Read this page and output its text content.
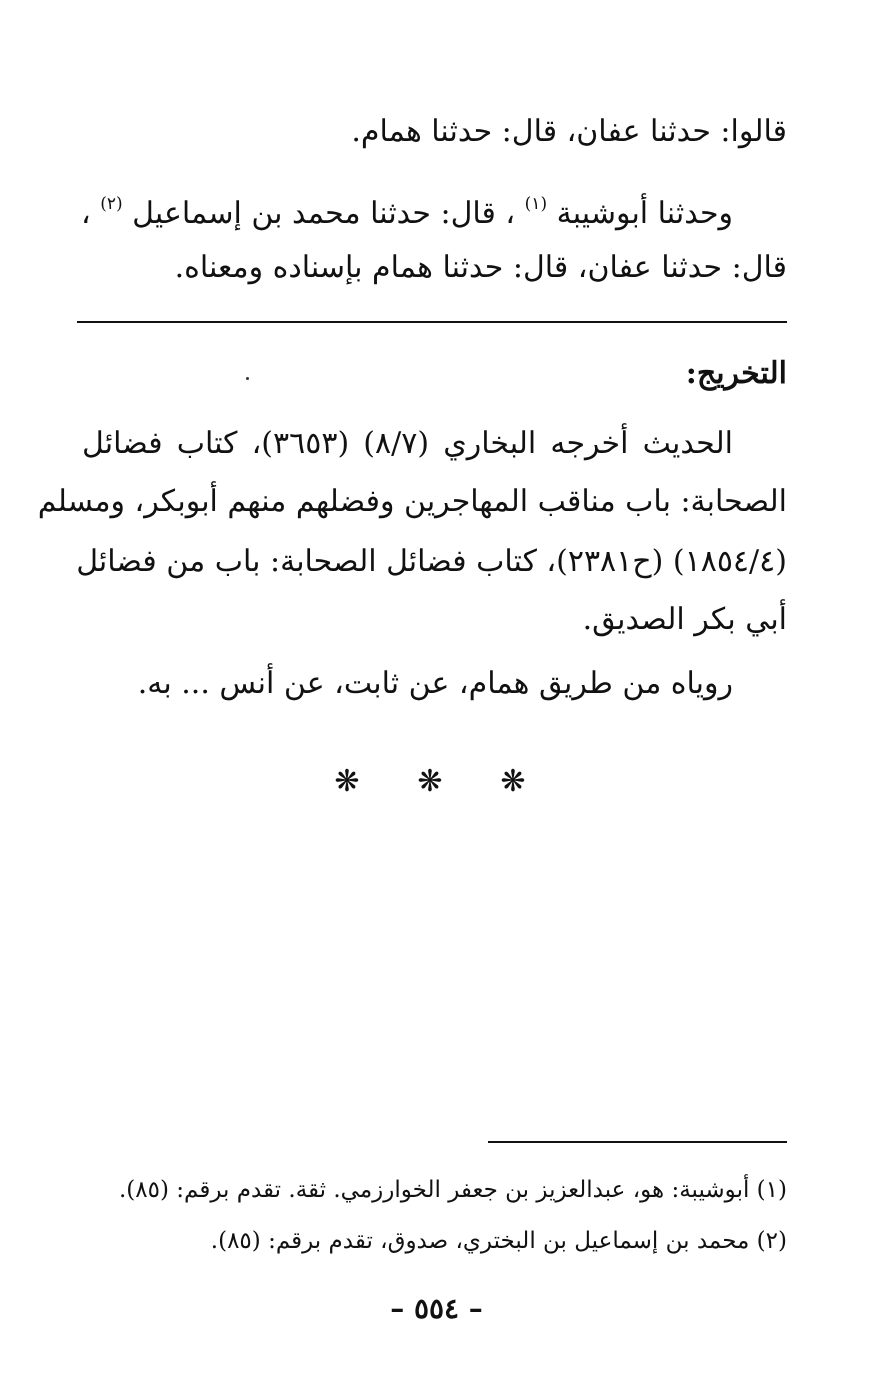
قالوا: حدثنا عفان، قال: حدثنا همام.
وحدثنا أبوشيبة $^{(١)}$ ، قال: حدثنا محمد بن إسماعيل $^{(٢)}$ ،
قال: حدثنا عفان، قال: حدثنا همام بإسناده ومعناه.
التخريج:
الحديث أخرجه البخاري (٨/٧) (٣٦٥٣)، كتاب فضائل
الصحابة: باب مناقب المهاجرين وفضلهم منهم أبوبكر، ومسلم
(١٨٥٤/٤) (ح٢٣٨١)، كتاب فضائل الصحابة: باب من فضائل
أبي بكر الصديق.
روياه من طريق همام، عن ثابت، عن أنس ... به.
❋ ❋ ❋
(١) أبوشيبة: هو، عبدالعزيز بن جعفر الخوارزمي. ثقة. تقدم برقم: (٨٥).
(٢) محمد بن إسماعيل بن البختري، صدوق، تقدم برقم: (٨٥).
– ٥٥٤ –
